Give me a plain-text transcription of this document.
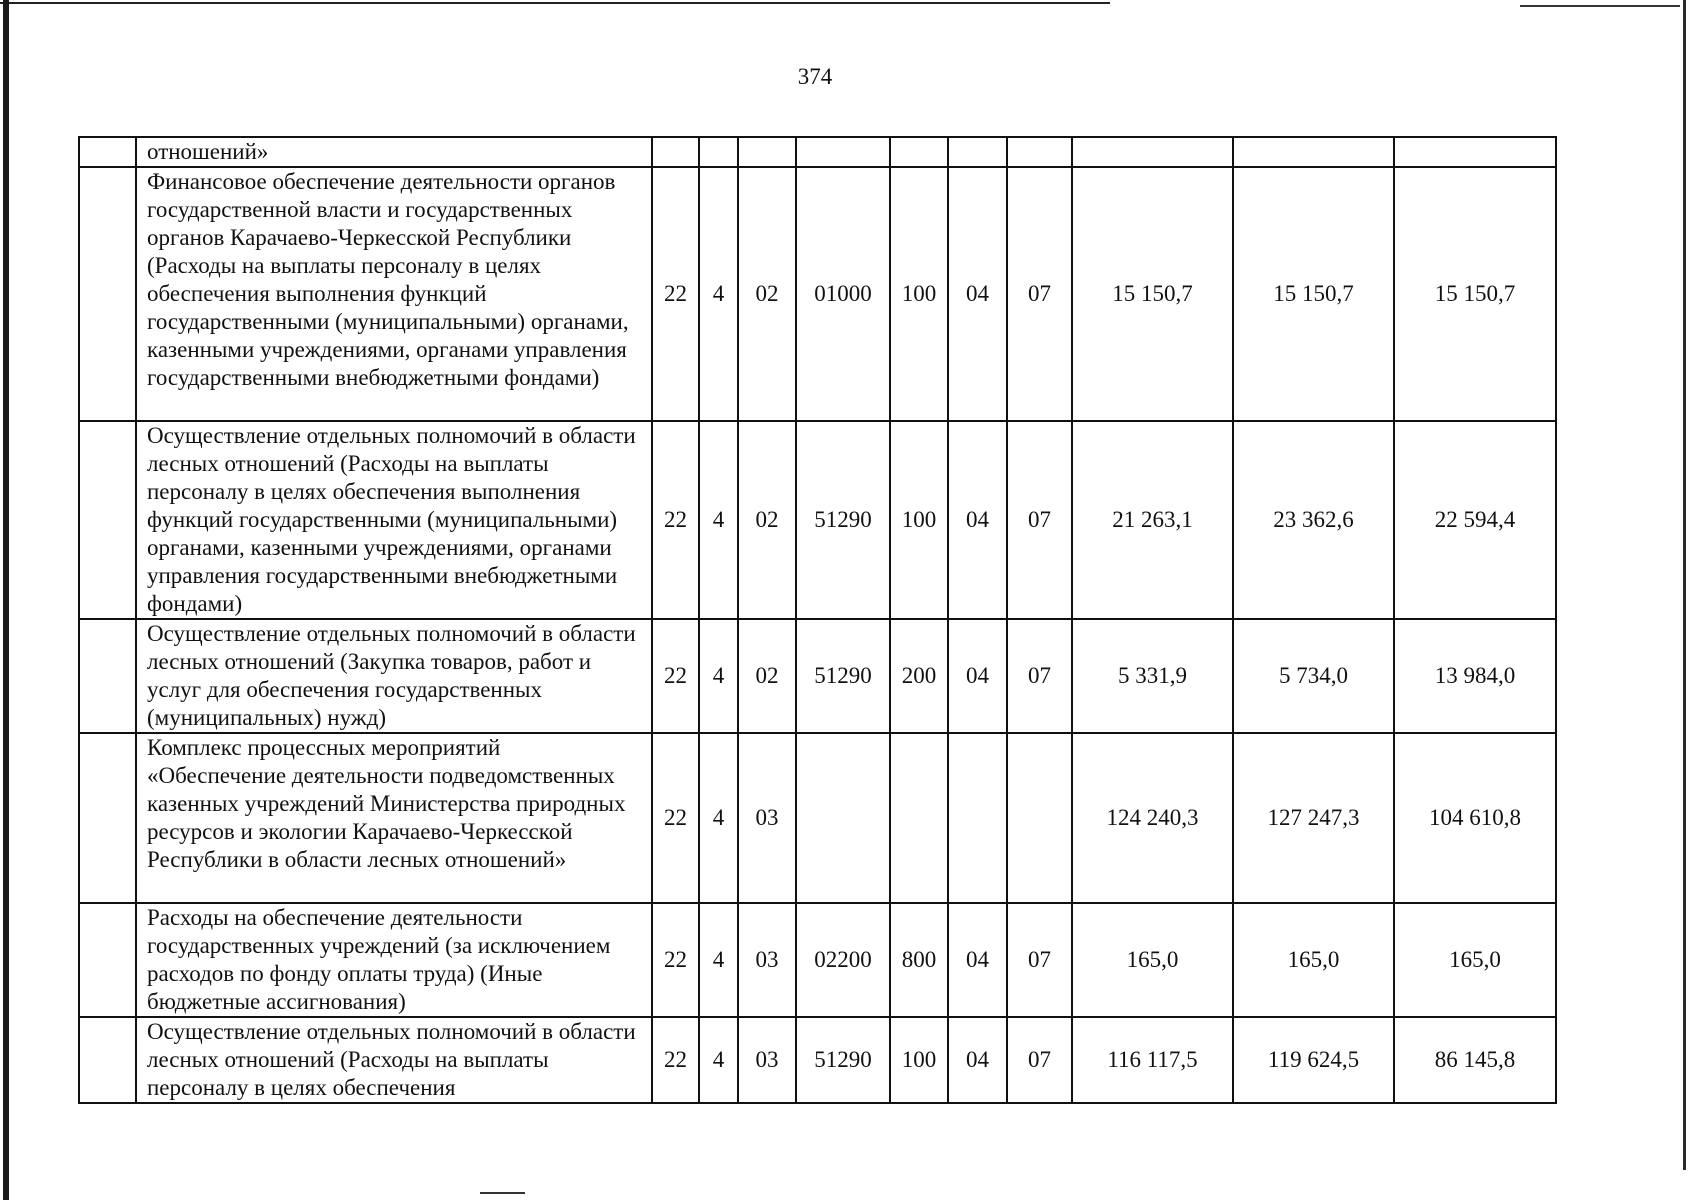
374
	отношений»										
	Финансовое обеспечение деятельности органов государственной власти и государственных органов Карачаево-Черкесской Республики (Расходы на выплаты персоналу в целях обеспечения выполнения функций государственными (муниципальными) органами, казенными учреждениями, органами управления государственными внебюджетными фондами)	22	4	02	01000	100	04	07	15 150,7	15 150,7	15 150,7
	Осуществление отдельных полномочий в области лесных отношений (Расходы на выплаты персоналу в целях обеспечения выполнения функций государственными (муниципальными) органами, казенными учреждениями, органами управления государственными внебюджетными фондами)	22	4	02	51290	100	04	07	21 263,1	23 362,6	22 594,4
	Осуществление отдельных полномочий в области лесных отношений (Закупка товаров, работ и услуг для обеспечения государственных (муниципальных) нужд)	22	4	02	51290	200	04	07	5 331,9	5 734,0	13 984,0
	Комплекс процессных мероприятий «Обеспечение деятельности подведомственных казенных учреждений Министерства природных ресурсов и экологии Карачаево-Черкесской Республики в области лесных отношений»	22	4	03					124 240,3	127 247,3	104 610,8
	Расходы на обеспечение деятельности государственных учреждений (за исключением расходов по фонду оплаты труда) (Иные бюджетные ассигнования)	22	4	03	02200	800	04	07	165,0	165,0	165,0
	Осуществление отдельных полномочий в области лесных отношений (Расходы на выплаты персоналу в целях обеспечения	22	4	03	51290	100	04	07	116 117,5	119 624,5	86 145,8
